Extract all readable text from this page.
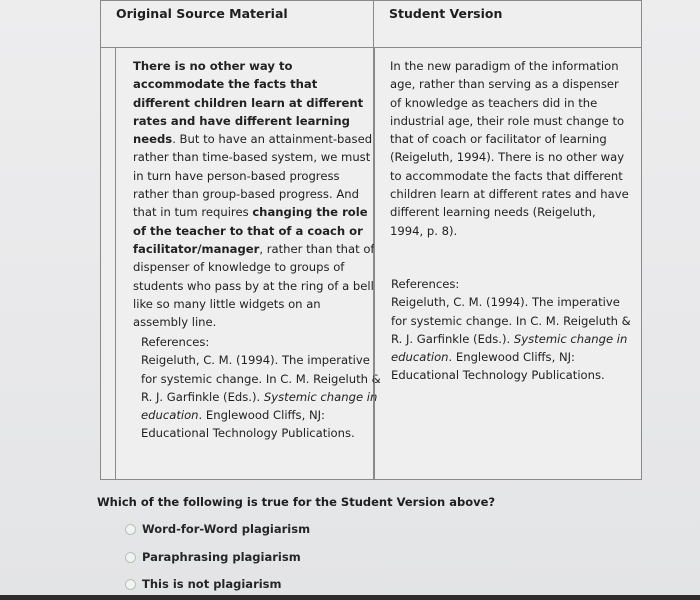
Original Source Material	Student Version
There is no other way to accommodate the facts that different children learn at different rates and have different learning needs. But to have an attainment-based rather than time-based system, we must in turn have person-based progress rather than group-based progress. And that in tum requires changing the role of the teacher to that of a coach or facilitator/manager, rather than that of dispenser of knowledge to groups of students who pass by at the ring of a bell like so many little widgets on an assembly line.
References:
Reigeluth, C. M. (1994). The imperative for systemic change. In C. M. Reigeluth & R. J. Garfinkle (Eds.). Systemic change in education. Englewood Cliffs, NJ: Educational Technology Publications.
In the new paradigm of the information age, rather than serving as a dispenser of knowledge as teachers did in the industrial age, their role must change to that of coach or facilitator of learning (Reigeluth, 1994). There is no other way to accommodate the facts that different children learn at different rates and have different learning needs (Reigeluth, 1994, p. 8).
References:
Reigeluth, C. M. (1994). The imperative for systemic change. In C. M. Reigeluth & R. J. Garfinkle (Eds.). Systemic change in education. Englewood Cliffs, NJ: Educational Technology Publications.
Which of the following is true for the Student Version above?
Word-for-Word plagiarism
Paraphrasing plagiarism
This is not plagiarism
